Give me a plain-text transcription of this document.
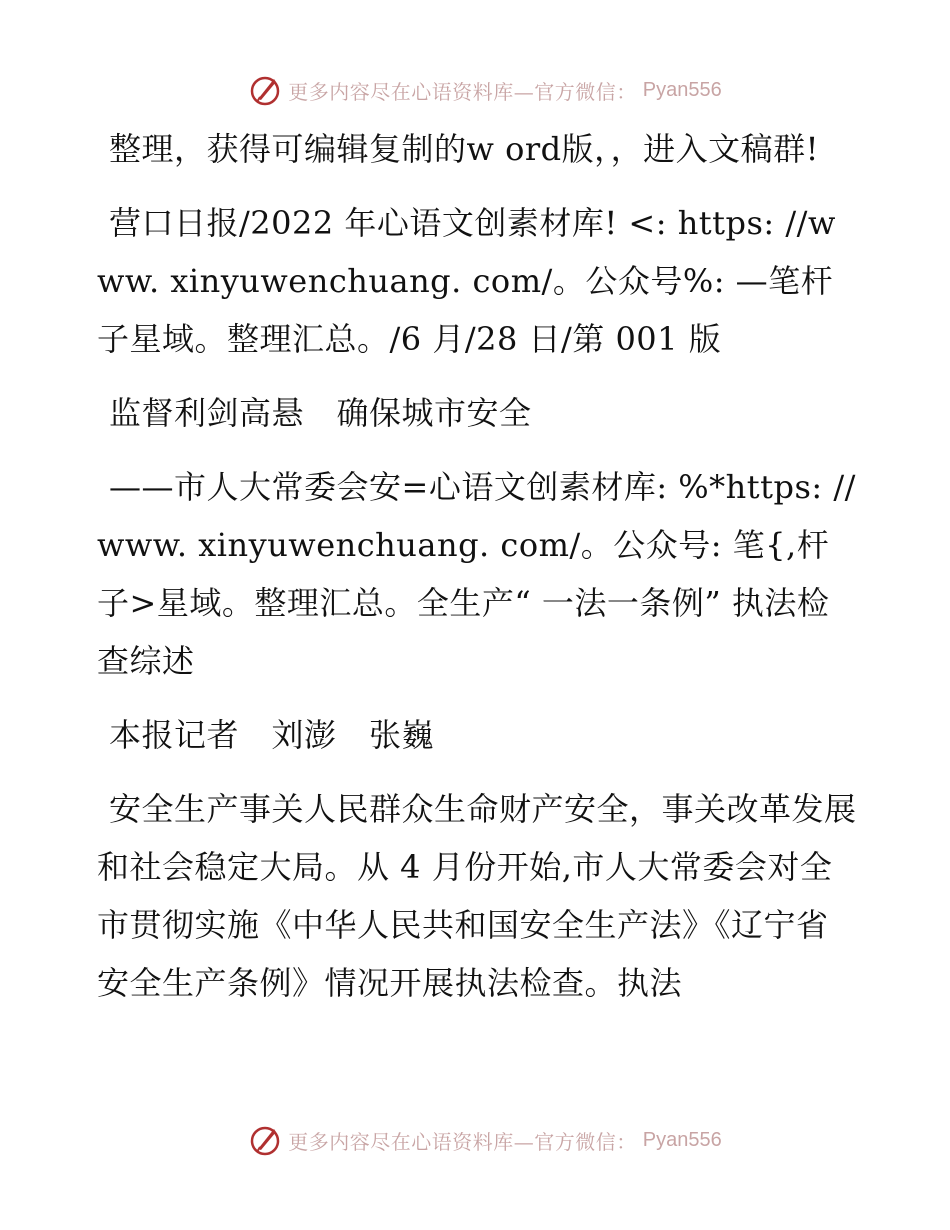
更多内容尽在心语资料库—官方微信： Pyan556

整理，获得可编辑复制的w ord版，，进入文稿群!

营口日报/2022 年心语文创素材库! <: https: //www. xinyuwenchuang. com/。公众号%: —笔杆子星域。整理汇总。/6 月/28 日/第 001 版

监督利剑高悬　确保城市安全

——市人大常委会安=心语文创素材库: %*https: //www. xinyuwenchuang. com/。公众号: 笔{,杆子>星域。整理汇总。全生产“ 一法一条例” 执法检查综述

本报记者　刘澎　张巍

安全生产事关人民群众生命财产安全，事关改革发展和社会稳定大局。从 4 月份开始,市人大常委会对全市贯彻实施《中华人民共和国安全生产法》《辽宁省安全生产条例》情况开展执法检查。执法

更多内容尽在心语资料库—官方微信： Pyan556
